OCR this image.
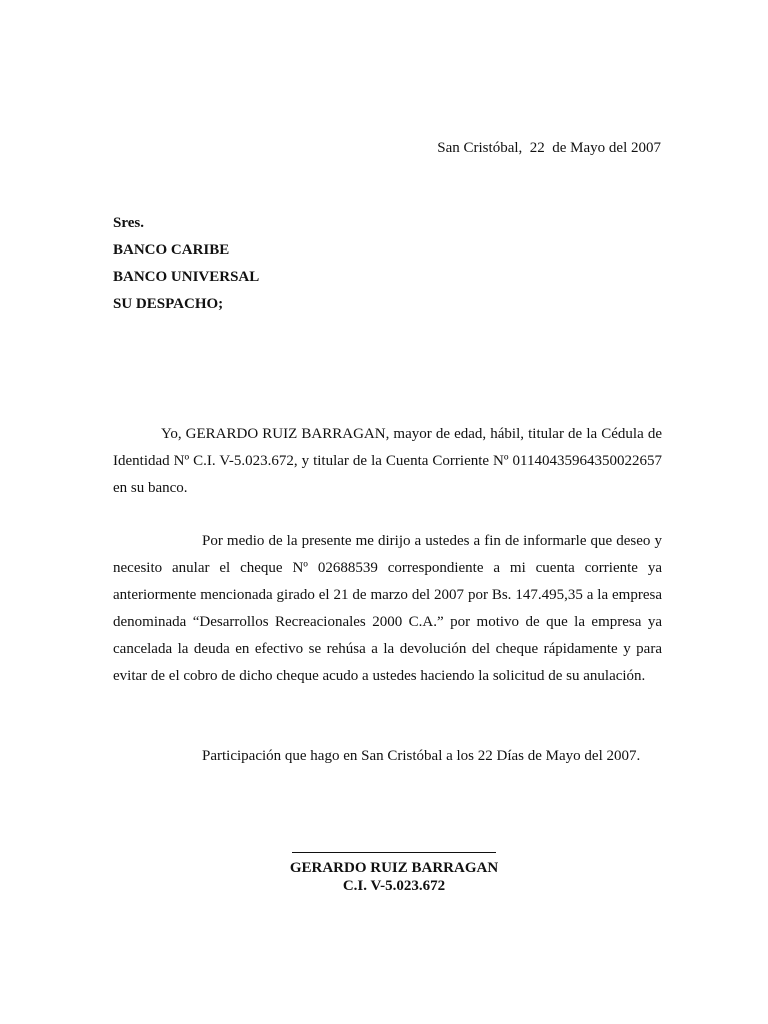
San Cristóbal,  22  de Mayo del 2007
Sres.
BANCO CARIBE
BANCO UNIVERSAL
SU DESPACHO;

Yo, GERARDO RUIZ BARRAGAN, mayor de edad, hábil, titular de la Cédula de Identidad Nº C.I. V-5.023.672, y titular de la Cuenta Corriente Nº 01140435964350022657 en su banco.

Por medio de la presente me dirijo a ustedes a fin de informarle que deseo y necesito anular el cheque Nº 02688539 correspondiente a mi cuenta corriente ya anteriormente mencionada girado el 21 de marzo del 2007 por Bs. 147.495,35 a la empresa denominada “Desarrollos Recreacionales 2000 C.A.” por motivo de que la empresa ya cancelada la deuda en efectivo se rehúsa a la devolución del cheque rápidamente y para evitar de el cobro de dicho cheque acudo a ustedes haciendo la solicitud de su anulación.

Participación que hago en San Cristóbal a los 22 Días de Mayo del 2007.

GERARDO RUIZ BARRAGAN
C.I. V-5.023.672
